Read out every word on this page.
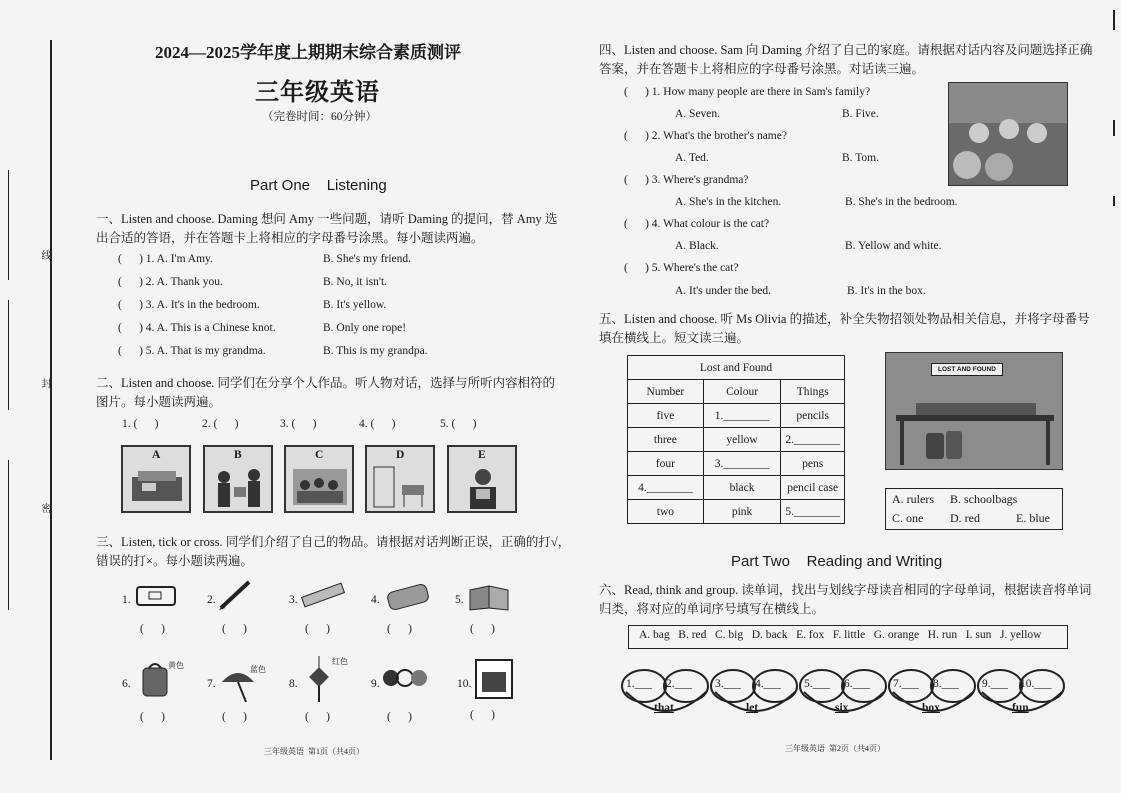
线
封
密
2024—2025学年度上期期末综合素质测评
三年级英语
（完卷时间：60分钟）
Part One    Listening
一、Listen and choose. Daming 想问 Amy 一些问题，请听 Daming 的提问，替 Amy 选
出合适的答语，并在答题卡上将相应的字母番号涂黑。每小题读两遍。
(      ) 1. A. I'm Amy.	B. She's my friend.
(      ) 2. A. Thank you.	B. No, it isn't.
(      ) 3. A. It's in the bedroom.	B. It's yellow.
(      ) 4. A. This is a Chinese knot.	B. Only one rope!
(      ) 5. A. That is my grandma.	B. This is my grandpa.
二、Listen and choose. 同学们在分享个人作品。听人物对话，选择与所听内容相符的
图片。每小题读两遍。
1. (      )	2. (      )	3. (      )	4. (      )	5. (      )
A	B	C	D	E
三、Listen, tick or cross. 同学们介绍了自己的物品。请根据对话判断正误，正确的打√，
错误的打×。每小题读两遍。
1.
(      )
2.
(      )
3.
(      )
4.
(      )
5.
(      )
6.
黄色
(      )
7.
蓝色
(      )
8.
红色
(      )
9.
(      )
10.
(      )
三年级英语  第1页（共4页）
四、Listen and choose. Sam 向 Daming 介绍了自己的家庭。请根据对话内容及问题选择正确
答案，并在答题卡上将相应的字母番号涂黑。对话读三遍。
(      ) 1. How many people are there in Sam's family?
A. Seven.	B. Five.
(      ) 2. What's the brother's name?
A. Ted.	B. Tom.
(      ) 3. Where's grandma?
A. She's in the kitchen.	B. She's in the bedroom.
(      ) 4. What colour is the cat?
A. Black.	B. Yellow and white.
(      ) 5. Where's the cat?
A. It's under the bed.	B. It's in the box.
五、Listen and choose. 听 Ms Olivia 的描述，补全失物招领处物品相关信息，并将字母番号
填在横线上。短文读三遍。
Lost and Found		
Number	Colour	Things
five	1.________	pencils
three	yellow	2.________
four	3.________	pens
4.________	black	pencil case
two	pink	5.________
LOST AND FOUND
A. rulers B. schoolbags
C. one D. red	E. blue
Part Two    Reading and Writing
六、Read, think and group. 读单词，找出与划线字母读音相同的字母单词，根据读音将单词
归类，将对应的单词序号填写在横线上。
A. bag   B. red   C. big   D. back   E. fox   F. little   G. orange   H. run   I. sun   J. yellow
1.___ 2.___
that
3.___ 4.___
let
5.___ 6.___
six
7.___ 8.___
box
9.___ 10.___
fun
三年级英语  第2页（共4页）
